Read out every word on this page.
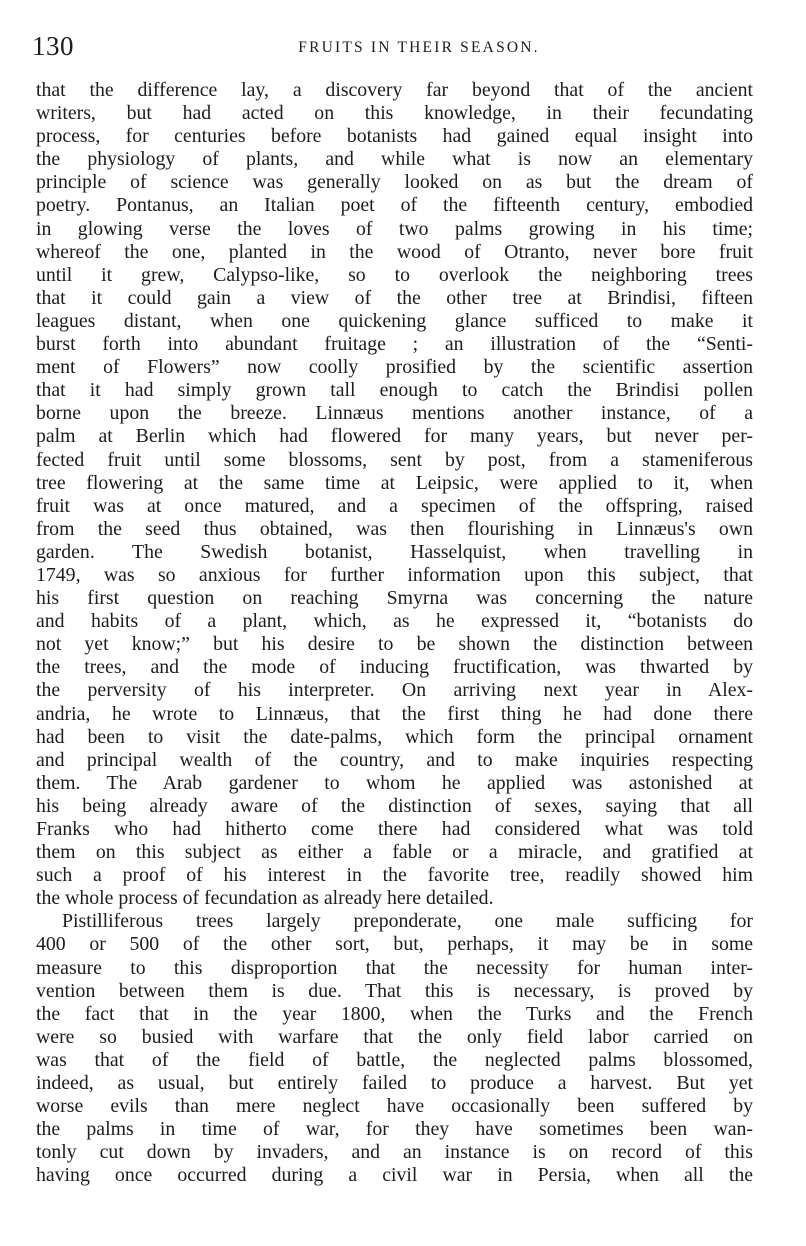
130	FRUITS IN THEIR SEASON.
that the difference lay, a discovery far beyond that of the ancient
writers, but had acted on this knowledge, in their fecundating
process, for centuries before botanists had gained equal insight into
the physiology of plants, and while what is now an elementary
principle of science was generally looked on as but the dream of
poetry. Pontanus, an Italian poet of the fifteenth century, embodied
in glowing verse the loves of two palms growing in his time;
whereof the one, planted in the wood of Otranto, never bore fruit
until it grew, Calypso-like, so to overlook the neighboring trees
that it could gain a view of the other tree at Brindisi, fifteen
leagues distant, when one quickening glance sufficed to make it
burst forth into abundant fruitage ; an illustration of the “Senti-
ment of Flowers” now coolly prosified by the scientific assertion
that it had simply grown tall enough to catch the Brindisi pollen
borne upon the breeze. Linnæus mentions another instance, of a
palm at Berlin which had flowered for many years, but never per-
fected fruit until some blossoms, sent by post, from a stameniferous
tree flowering at the same time at Leipsic, were applied to it, when
fruit was at once matured, and a specimen of the offspring, raised
from the seed thus obtained, was then flourishing in Linnæus's own
garden. The Swedish botanist, Hasselquist, when travelling in
1749, was so anxious for further information upon this subject, that
his first question on reaching Smyrna was concerning the nature
and habits of a plant, which, as he expressed it, “botanists do
not yet know;” but his desire to be shown the distinction between
the trees, and the mode of inducing fructification, was thwarted by
the perversity of his interpreter. On arriving next year in Alex-
andria, he wrote to Linnæus, that the first thing he had done there
had been to visit the date-palms, which form the principal ornament
and principal wealth of the country, and to make inquiries respecting
them. The Arab gardener to whom he applied was astonished at
his being already aware of the distinction of sexes, saying that all
Franks who had hitherto come there had considered what was told
them on this subject as either a fable or a miracle, and gratified at
such a proof of his interest in the favorite tree, readily showed him
the whole process of fecundation as already here detailed.
Pistilliferous trees largely preponderate, one male sufficing for
400 or 500 of the other sort, but, perhaps, it may be in some
measure to this disproportion that the necessity for human inter-
vention between them is due. That this is necessary, is proved by
the fact that in the year 1800, when the Turks and the French
were so busied with warfare that the only field labor carried on
was that of the field of battle, the neglected palms blossomed,
indeed, as usual, but entirely failed to produce a harvest. But yet
worse evils than mere neglect have occasionally been suffered by
the palms in time of war, for they have sometimes been wan-
tonly cut down by invaders, and an instance is on record of this
having once occurred during a civil war in Persia, when all the
